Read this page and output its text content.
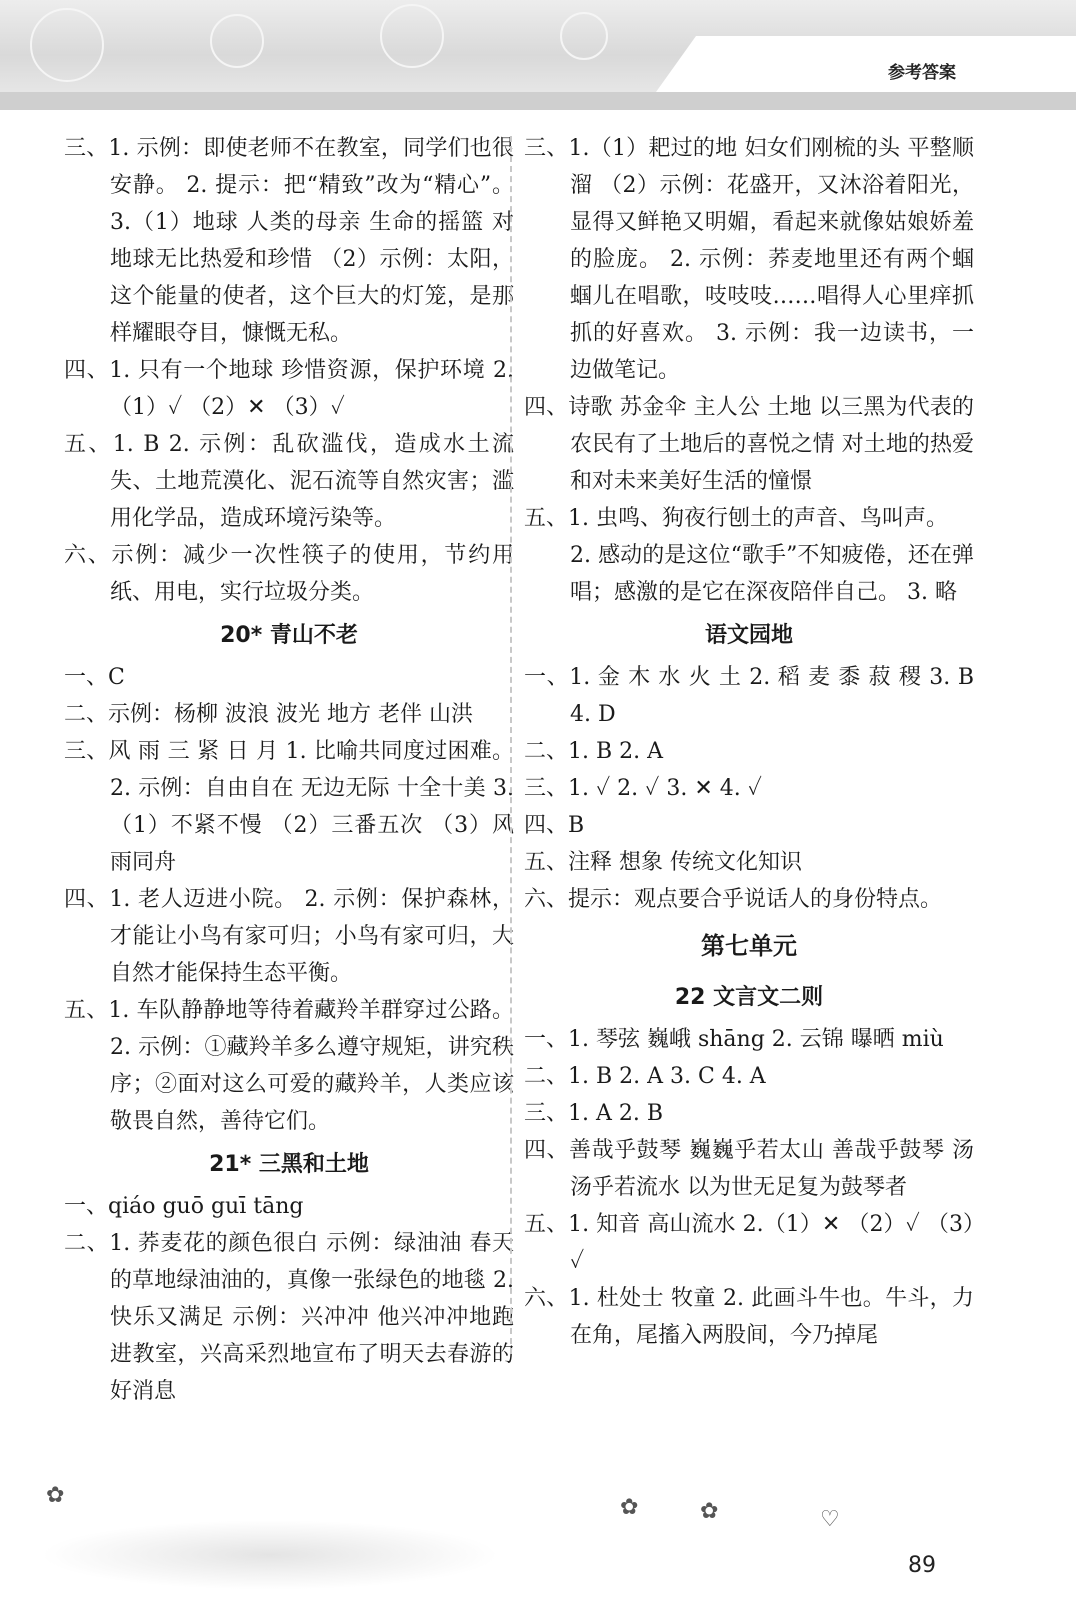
参考答案
三、1. 示例：即使老师不在教室，同学们也很安静。 2. 提示：把“精致”改为“精心”。 3.（1）地球 人类的母亲 生命的摇篮 对地球无比热爱和珍惜 （2）示例：太阳，这个能量的使者，这个巨大的灯笼，是那样耀眼夺目，慷慨无私。
四、1. 只有一个地球 珍惜资源，保护环境 2.（1）✓ （2）✕ （3）✓
五、1. B 2. 示例：乱砍滥伐，造成水土流失、土地荒漠化、泥石流等自然灾害；滥用化学品，造成环境污染等。
六、示例：减少一次性筷子的使用，节约用纸、用电，实行垃圾分类。
20* 青山不老
一、C
二、示例：杨柳 波浪 波光 地方 老伴 山洪
三、风 雨 三 紧 日 月 1. 比喻共同度过困难。 2. 示例：自由自在 无边无际 十全十美 3.（1）不紧不慢 （2）三番五次 （3）风雨同舟
四、1. 老人迈进小院。 2. 示例：保护森林，才能让小鸟有家可归；小鸟有家可归，大自然才能保持生态平衡。
五、1. 车队静静地等待着藏羚羊群穿过公路。 2. 示例：①藏羚羊多么遵守规矩，讲究秩序；②面对这么可爱的藏羚羊，人类应该敬畏自然，善待它们。
21* 三黑和土地
一、qiáo guō guī tāng
二、1. 荞麦花的颜色很白 示例：绿油油 春天的草地绿油油的，真像一张绿色的地毯 2. 快乐又满足 示例：兴冲冲 他兴冲冲地跑进教室，兴高采烈地宣布了明天去春游的好消息
三、1.（1）耙过的地 妇女们刚梳的头 平整顺溜 （2）示例：花盛开，又沐浴着阳光，显得又鲜艳又明媚，看起来就像姑娘娇羞的脸庞。 2. 示例：荞麦地里还有两个蝈蝈儿在唱歌，吱吱吱……唱得人心里痒抓抓的好喜欢。 3. 示例：我一边读书，一边做笔记。
四、诗歌 苏金伞 主人公 土地 以三黑为代表的农民有了土地后的喜悦之情 对土地的热爱和对未来美好生活的憧憬
五、1. 虫鸣、狗夜行刨土的声音、鸟叫声。
2. 感动的是这位“歌手”不知疲倦，还在弹唱；感激的是它在深夜陪伴自己。 3. 略
语文园地
一、1. 金 木 水 火 土 2. 稻 麦 黍 菽 稷 3. B 4. D
二、1. B 2. A
三、1. ✓ 2. ✓ 3. ✕ 4. ✓
四、B
五、注释 想象 传统文化知识
六、提示：观点要合乎说话人的身份特点。
第七单元
22 文言文二则
一、1. 琴弦 巍峨 shāng 2. 云锦 曝晒 miù
二、1. B 2. A 3. C 4. A
三、1. A 2. B
四、善哉乎鼓琴 巍巍乎若太山 善哉乎鼓琴 汤汤乎若流水 以为世无足复为鼓琴者
五、1. 知音 高山流水 2.（1）✕ （2）✓ （3）✓
六、1. 杜处士 牧童 2. 此画斗牛也。牛斗，力在角，尾搐入两股间，今乃掉尾
✿	✿	✿	♡
89
